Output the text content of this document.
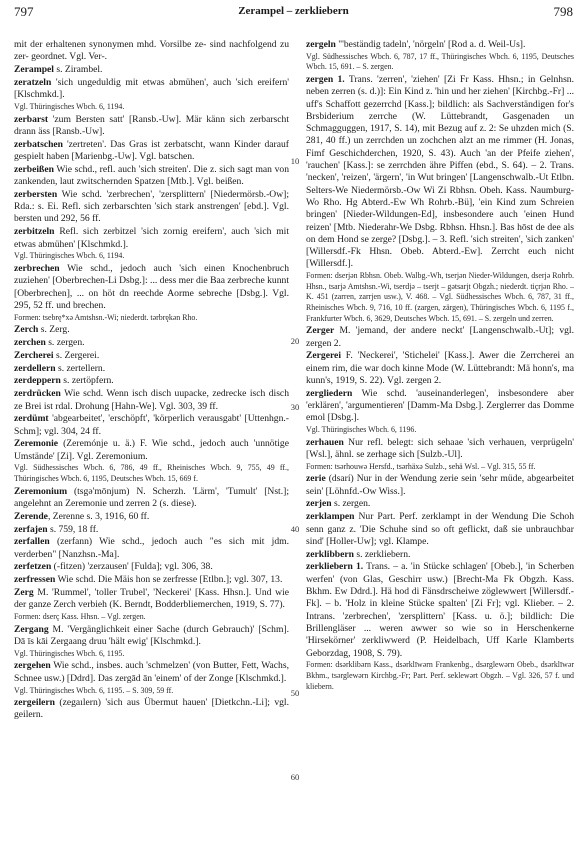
797	Zerampel – zerkliebern	798
10
20
30
40
50
60

mit der erhaltenen synonymen mhd. Vorsilbe ze- sind nachfolgend zu zer- geordnet. Vgl. Ver-.

Zerampel s. Zirambel.

zeratzeln 'sich ungeduldig mit etwas abmühen', auch 'sich ereifern' [Klschmkd.].

Vgl. Thüringisches Wbch. 6, 1194.

zerbarst 'zum Bersten satt' [Ransb.-Uw]. Mär känn sich zerbarscht drann äss [Ransb.-Uw].

zerbatschen 'zertreten'. Das Gras ist zerbatscht, wann Kinder darauf gespielt haben [Marienbg.-Uw]. Vgl. batschen.

zerbeißen Wie schd., refl. auch 'sich streiten'. Die z. sich sagt man von zankenden, laut zwitschernden Spatzen [Mtb.]. Vgl. beißen.

zerbersten Wie schd. 'zerbrechen', 'zersplittern' [Niedermörsb.-Ow]; Rda.: s. Ei. Refl. sich zerbarschten 'sich stark anstrengen' [ebd.]. Vgl. bersten und 292, 56 ff.

zerbitzeln Refl. sich zerbitzel 'sich zornig ereifern', auch 'sich mit etwas abmühen' [Klschmkd.].

Vgl. Thüringisches Wbch. 6, 1194.

zerbrechen Wie schd., jedoch auch 'sich einen Knochenbruch zuziehen' [Oberbrechen-Li Dsbg.]: ... dess mer die Baa zerbreche kunnt [Oberbrechen], ... on höt dn reechde Aorme sebreche [Dsbg.]. Vgl. 295, 52 ff. und brechen.

Formen: tsebrę*xə Amtshsn.-Wi; niederdt. tərbrękən Rho.

Zerch s. Zerg.

zerchen s. zergen.

Zercherei s. Zergerei.

zerdellern s. zertellern.

zerdeppern s. zertöpfern.

zerdrücken Wie schd. Wenn isch disch uupacke, zedrecke isch disch ze Brei ist rdal. Drohung [Hahn-We]. Vgl. 303, 39 ff.

zerdümt 'abgearbeitet', 'erschöpft', 'körperlich verausgabt' [Uttenhgn.-Schm]; vgl. 304, 24 ff.

Zeremonie (Zeremónje u. ä.) F. Wie schd., jedoch auch 'unnötige Umstände' [Zi]. Vgl. Zeremonium.

Vgl. Südhessisches Wbch. 6, 786, 49 ff., Rheinisches Wbch. 9, 755, 49 ff., Thüringisches Wbch. 6, 1195, Deutsches Wbch. 15, 669 f.

Zeremonium (tsgə'mōnjum) N. Scherzh. 'Lärm', 'Tumult' [Nst.]; angelehnt an Zeremonie und zerren 2 (s. diese).

Zerende, Zerenne s. 3, 1916, 60 ff.

zerfajen s. 759, 18 ff.

zerfallen (zerfann) Wie schd., jedoch auch "es sich mit jdm. verderben" [Nanzhsn.-Ma].

zerfetzen (-fitzen) 'zerzausen' [Fulda]; vgl. 306, 38.

zerfressen Wie schd. Die Mäis hon se zerfresse [Etlbn.]; vgl. 307, 13.

Zerg M. 'Rummel', 'toller Trubel', 'Neckerei' [Kass. Hhsn.]. Und wie der ganze Zerch verbieh (K. Berndt, Bodderbliemerchen, 1919, S. 77).

Formen: dserç Kass. Hhsn. – Vgl. zergen.

Zergang M. 'Vergänglichkeit einer Sache (durch Gebrauch)' [Schm]. Dā īs kāi Zergaang druu 'hält ewig' [Klschmkd.].

Vgl. Thüringisches Wbch. 6, 1195.

zergehen Wie schd., insbes. auch 'schmelzen' (von Butter, Fett, Wachs, Schnee usw.) [Ddrd]. Das zergād ān 'einem' of der Zonge [Klschmkd.].

Vgl. Thüringisches Wbch. 6, 1195. – S. 309, 59 ff.

zergeilern (zegaılern) 'sich aus Übermut hauen' [Dietkchn.-Li]; vgl. geilern.

zergeln "'beständig tadeln', 'nörgeln' [Rod a. d. Weil-Us].

Vgl. Südhessisches Wbch. 6, 787, 17 ff., Thüringisches Wbch. 6, 1195, Deutsches Wbch. 15, 691. – S. zergen.

zergen 1. Trans. 'zerren', 'ziehen' [Zi Fr Kass. Hhsn.; in Gelnhsn. neben zerren (s. d.)]: Ein Kind z. 'hin und her ziehen' [Kirchbg.-Fr] ... uff's Schaffott gezerrchd [Kass.]; bildlich: als Sachverständigen for's Brsbiderium zerrche (W. Lüttebrandt, Gasgenaden un Schmagguggen, 1917, S. 14), mit Bezug auf z. 2: Se uhzden mich (S. 281, 40 ff.) un zerrchden un zochchen alzt an me rimmer (H. Jonas, Fimf Geschichderchen, 1920, S. 43). Auch 'an der Pfeife ziehen', 'rauchen' [Kass.]: se zerrchden ähre Piffen (ebd., S. 64). – 2. Trans. 'necken', 'reizen', 'ärgern', 'in Wut bringen' [Langenschwalb.-Ut Etlbn. Selters-We Niedermörsb.-Ow Wi Zi Rbhsn. Obeh. Kass. Naumburg-Wo Rho. Hg Abterd.-Ew Wh Rohrb.-Bü], 'ein Kind zum Schreien bringen' [Nieder-Wildungen-Ed], insbesondere auch 'einen Hund reizen' [Mtb. Niederahr-We Dsbg. Rbhsn. Hhsn.]. Bas hōst de dee als on dem Hond se zerge? [Dsbg.]. – 3. Refl. 'sich streiten', 'sich zanken' [Willersdf.-Fk Hhsn. Obeb. Abterd.-Ew]. Zerrcht euch nicht [Willersdf.].

Formen: dserjən Rbhsn. Obeb. Walbg.-Wh, tserjən Nieder-Wildungen, dserjə Rohrb. Hhsn., tsarjə Amtshsn.-Wi, tserdjə – tserjt – gətsarjt Obgzh.; niederdt. tiçrjən Rho. – K. 451 (zarren, zarrjen usw.), V. 468. – Vgl. Südhessisches Wbch. 6, 787, 31 ff., Rheinisches Wbch. 9, 716, 10 ff. (zargen, zärgen), Thüringisches Wbch. 6, 1195 f., Frankfurter Wbch. 6, 3629, Deutsches Wbch. 15, 691. – S. zergeln und zerren.

Zerger M. 'jemand, der andere neckt' [Langenschwalb.-Ut]; vgl. zergen 2.

Zergerei F. 'Neckerei', 'Stichelei' [Kass.]. Awer die Zerrcherei an einem rim, die war doch kinne Mode (W. Lüttebrandt: Mä honn's, ma kunn's, 1919, S. 22). Vgl. zergen 2.

zergliedern Wie schd. 'auseinanderlegen', insbesondere aber 'erklären', 'argumentieren' [Damm-Ma Dsbg.]. Zerglerrer das Domme emol [Dsbg.].

Vgl. Thüringisches Wbch. 6, 1196.

zerhauen Nur refl. belegt: sich sehaae 'sich verhauen, verprügeln' [Wsl.], ähnl. se zerhage sich [Sulzb.-Ul].

Formen: tsərhouwə Hersfd., tsərhäxə Sulzb., sehä Wsl. – Vgl. 315, 55 ff.

zerie (dsarí) Nur in der Wendung zerie sein 'sehr müde, abgearbeitet sein' [Löhnfd.-Ow Wiss.].

zerjen s. zergen.

zerklampen Nur Part. Perf. zerklampt in der Wendung Die Schoh senn ganz z. 'Die Schuhe sind so oft geflickt, daß sie unbrauchbar sind' [Holler-Uw]; vgl. Klampe.

zerklibbern s. zerkliebern.

zerkliebern 1. Trans. – a. 'in Stücke schlagen' [Obeb.], 'in Scherben werfen' (von Glas, Geschirr usw.) [Brecht-Ma Fk Obgzh. Kass. Bkhm. Ew Ddrd.]. Hä hod di Fänsdrscheiwe zöglewwert [Willersdf.-Fk]. – b. 'Holz in kleine Stücke spalten' [Zi Fr]; vgl. Klieber. – 2. Intrans. 'zerbrechen', 'zersplittern' [Kass. u. ö.]; bildlich: Die Brillengläser ... weren awwer so wie so in Herschenkerne 'Hirsekörner' zerkliwwerd (P. Heidelbach, Uff Karle Klamberts Geborzdag, 1908, S. 79).

Formen: dsərklibərn Kass., dsərklīwərn Frankenbg., dsərglewərn Obeb., dsərklīwər Bkhm., tsərglewərn Kirchbg.-Fr; Part. Perf. seklewərt Obgzh. – Vgl. 326, 57 f. und kliebern.
